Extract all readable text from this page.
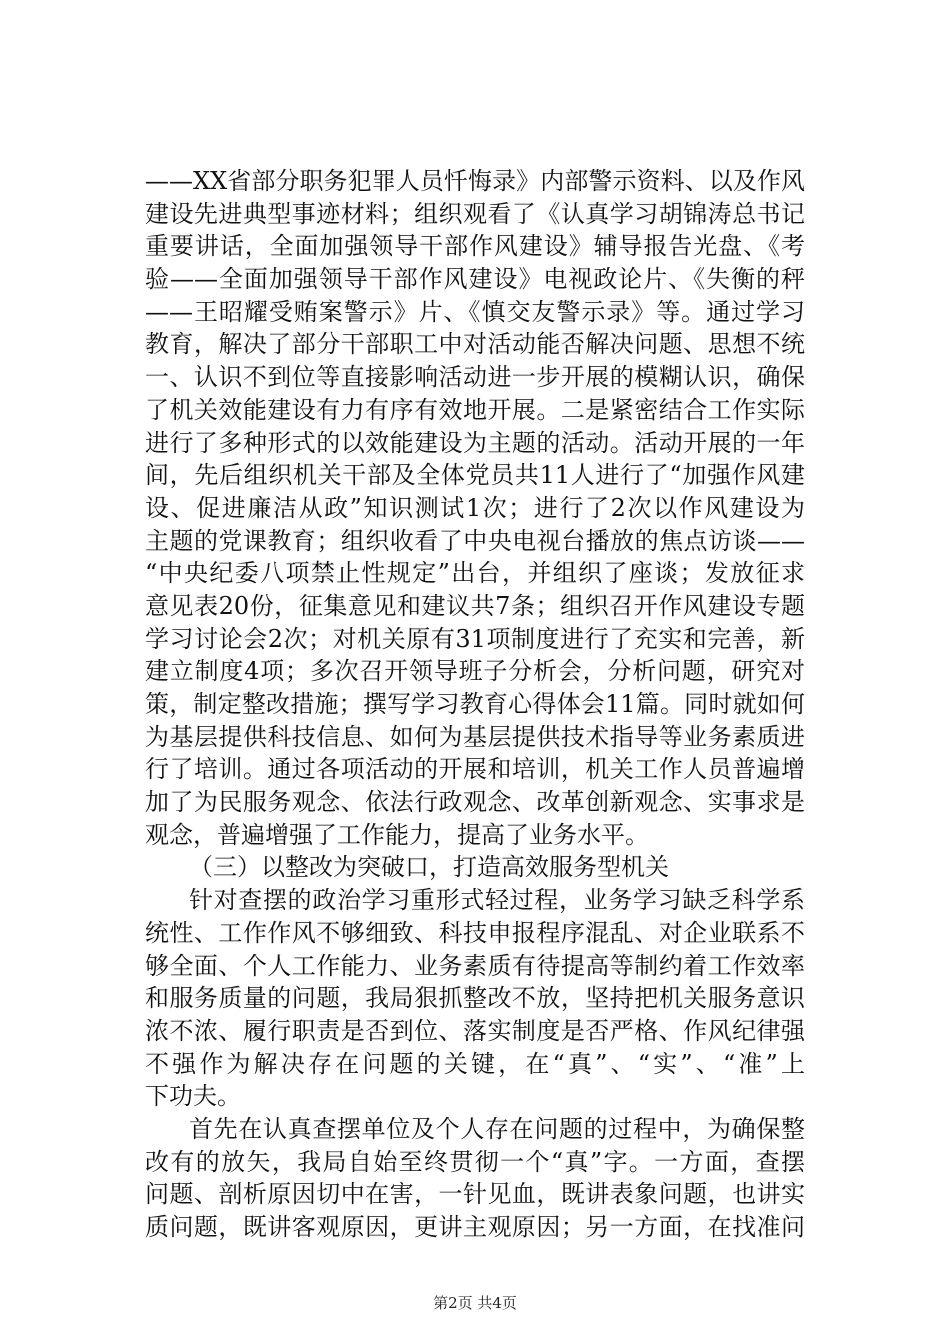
——XX省部分职务犯罪人员忏悔录》内部警示资料、以及作风
建设先进典型事迹材料；组织观看了《认真学习胡锦涛总书记
重要讲话，全面加强领导干部作风建设》辅导报告光盘、《考
验——全面加强领导干部作风建设》电视政论片、《失衡的秤
——王昭耀受贿案警示》片、《慎交友警示录》等。通过学习
教育，解决了部分干部职工中对活动能否解决问题、思想不统
一、认识不到位等直接影响活动进一步开展的模糊认识，确保
了机关效能建设有力有序有效地开展。二是紧密结合工作实际
进行了多种形式的以效能建设为主题的活动。活动开展的一年
间，先后组织机关干部及全体党员共11人进行了“加强作风建
设、促进廉洁从政”知识测试1次；进行了2次以作风建设为
主题的党课教育；组织收看了中央电视台播放的焦点访谈——
“中央纪委八项禁止性规定”出台，并组织了座谈；发放征求
意见表20份，征集意见和建议共7条；组织召开作风建设专题
学习讨论会2次；对机关原有31项制度进行了充实和完善，新
建立制度4项；多次召开领导班子分析会，分析问题，研究对
策，制定整改措施；撰写学习教育心得体会11篇。同时就如何
为基层提供科技信息、如何为基层提供技术指导等业务素质进
行了培训。通过各项活动的开展和培训，机关工作人员普遍增
加了为民服务观念、依法行政观念、改革创新观念、实事求是
观念，普遍增强了工作能力，提高了业务水平。
（三）以整改为突破口，打造高效服务型机关
针对查摆的政治学习重形式轻过程，业务学习缺乏科学系
统性、工作作风不够细致、科技申报程序混乱、对企业联系不
够全面、个人工作能力、业务素质有待提高等制约着工作效率
和服务质量的问题，我局狠抓整改不放，坚持把机关服务意识
浓不浓、履行职责是否到位、落实制度是否严格、作风纪律强
不强作为解决存在问题的关键，在“真”、“实”、“准”上
下功夫。
首先在认真查摆单位及个人存在问题的过程中，为确保整
改有的放矢，我局自始至终贯彻一个“真”字。一方面，查摆
问题、剖析原因切中在害，一针见血，既讲表象问题，也讲实
质问题，既讲客观原因，更讲主观原因；另一方面，在找准问
第2页 共4页
